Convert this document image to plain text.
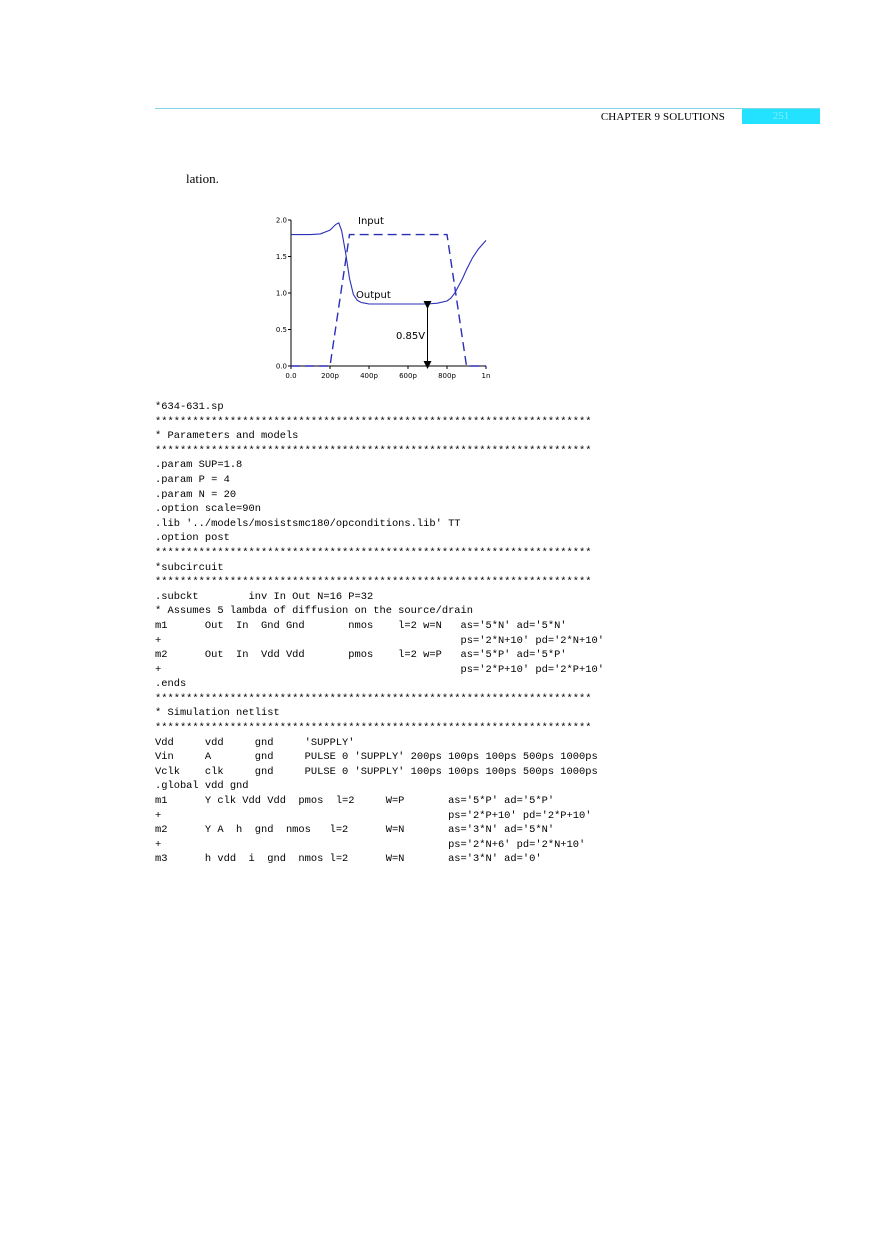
CHAPTER 9 SOLUTIONS	251
lation.
0.0
0.5
1.0
1.5
2.0
0.0	200p	400p	600p	800p	1n
Input
Output
0.85V
*634-631.sp
**********************************************************************
* Parameters and models
**********************************************************************
.param SUP=1.8
.param P = 4
.param N = 20
.option scale=90n
.lib '../models/mosistsmc180/opconditions.lib' TT
.option post
**********************************************************************
*subcircuit
**********************************************************************
.subckt        inv In Out N=16 P=32
* Assumes 5 lambda of diffusion on the source/drain
m1      Out  In  Gnd Gnd       nmos    l=2 w=N   as='5*N' ad='5*N'
+                                                ps='2*N+10' pd='2*N+10'
m2      Out  In  Vdd Vdd       pmos    l=2 w=P   as='5*P' ad='5*P'
+                                                ps='2*P+10' pd='2*P+10'
.ends
**********************************************************************
* Simulation netlist
**********************************************************************
Vdd     vdd     gnd     'SUPPLY'
Vin     A       gnd     PULSE 0 'SUPPLY' 200ps 100ps 100ps 500ps 1000ps
Vclk    clk     gnd     PULSE 0 'SUPPLY' 100ps 100ps 100ps 500ps 1000ps
.global vdd gnd
m1      Y clk Vdd Vdd  pmos  l=2     W=P       as='5*P' ad='5*P'
+                                              ps='2*P+10' pd='2*P+10'
m2      Y A  h  gnd  nmos   l=2      W=N       as='3*N' ad='5*N'
+                                              ps='2*N+6' pd='2*N+10'
m3      h vdd  i  gnd  nmos l=2      W=N       as='3*N' ad='0'
